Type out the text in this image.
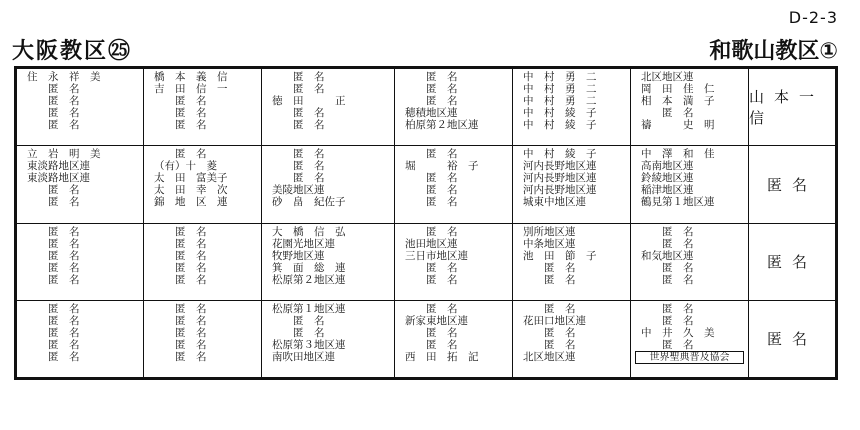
D-2-3
大阪教区㉕	和歌山教区①
住　永　祥　美
　　匿　名
　　匿　名
　　匿　名
　　匿　名
立　岩　明　美
東淡路地区連
東淡路地区連
　　匿　名
　　匿　名
　　匿　名
　　匿　名
　　匿　名
　　匿　名
　　匿　名
　　匿　名
　　匿　名
　　匿　名
　　匿　名
　　匿　名
橋　本　義　信
吉　田　信　一
　　匿　名
　　匿　名
　　匿　名
　　匿　名
（有）十　菱
太　田　富美子
太　田　幸　次
錦　地　区　連
　　匿　名
　　匿　名
　　匿　名
　　匿　名
　　匿　名
　　匿　名
　　匿　名
　　匿　名
　　匿　名
　　匿　名
　　匿　名
　　匿　名
徳　田　　　正
　　匿　名
　　匿　名
　　匿　名
　　匿　名
　　匿　名
美陵地区連
砂　畠　紀佐子
大　橋　信　弘
花園光地区連
牧野地区連
箕　面　総　連
松原第２地区連
松原第１地区連
　　匿　名
　　匿　名
松原第３地区連
南吹田地区連
　　匿　名
　　匿　名
　　匿　名
穂積地区連
柏原第２地区連
　　匿　名
堀　　　裕　子
　　匿　名
　　匿　名
　　匿　名
　　匿　名
池田地区連
三日市地区連
　　匿　名
　　匿　名
　　匿　名
新家東地区連
　　匿　名
　　匿　名
西　田　拓　記
中　村　勇　二
中　村　勇　二
中　村　勇　二
中　村　綾　子
中　村　綾　子
中　村　綾　子
河内長野地区連
河内長野地区連
河内長野地区連
城東中地区連
別所地区連
中条地区連
池　田　節　子
　　匿　名
　　匿　名
　　匿　名
花田口地区連
　　匿　名
　　匿　名
北区地区連
北区地区連
岡　田　佳　仁
相　本　満　子
　　匿　名
禱　　　史　明
中　澤　和　佳
高南地区連
鈴綾地区連
稲津地区連
鶴見第１地区連
　　匿　名
　　匿　名
和気地区連
　　匿　名
　　匿　名
　　匿　名
　　匿　名
中　井　久　美
　　匿　名
世界聖典普及協会
山本一信
匿名
匿名
匿名
